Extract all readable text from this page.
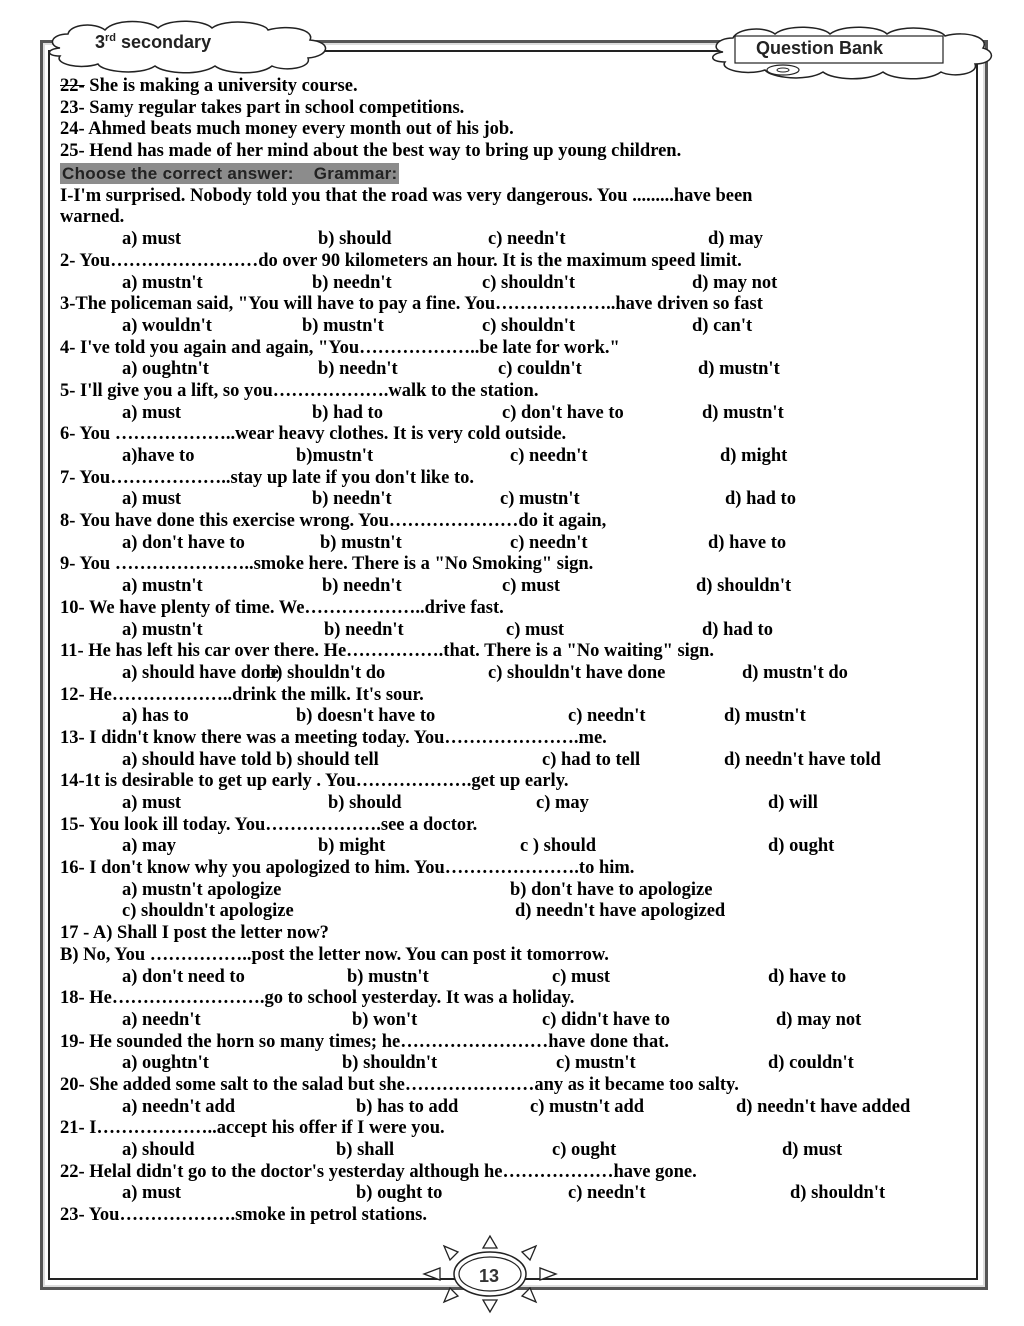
3rd secondary	Question Bank
22- She is making a university course.
23- Samy regular takes part in school competitions.
24- Ahmed beats much money every month out of his job.
25- Hend has made of her mind about the best way to bring up young children.
Choose the correct answer:    Grammar:
I-I'm surprised. Nobody told you that the road was very dangerous. You .........have been
warned.
a) must	b) should	c) needn't	d) may
2- You……………………do over 90 kilometers an hour. It is the maximum speed limit.
a) mustn't	b) needn't	c) shouldn't	d) may not
3-The policeman said, "You will have to pay a fine. You………………..have driven so fast
a) wouldn't	b) mustn't	c) shouldn't	d) can't
4- I've told you again and again, "You………………..be late for work."
a) oughtn't	b) needn't	c) couldn't	d) mustn't
5- I'll give you a lift, so you……………….walk to the station.
a) must	b) had to	c) don't have to	d) mustn't
6- You ………………..wear heavy clothes. It is very cold outside.
a)have to	b)mustn't	c) needn't	d) might
7- You………………..stay up late if you don't like to.
a) must	b) needn't	c) mustn't	d) had to
8- You have done this exercise wrong. You…………………do it again,
a) don't have to	b) mustn't	c) needn't	d) have to
9- You …………………..smoke here. There is a "No Smoking" sign.
a) mustn't	b) needn't	c) must	d) shouldn't
10- We have plenty of time. We………………..drive fast.
a) mustn't	b) needn't	c) must	d) had to
11- He has left his car over there. He…………….that. There is a "No waiting" sign.
a) should have done
b) shouldn't do	c) shouldn't have done	d) mustn't do
12- He………………..drink the milk. It's sour.
a) has to	b) doesn't have to	c) needn't	d) mustn't
13- I didn't know there was a meeting today. You………………….me.
a) should have told b) should tell	c) had to tell	d) needn't have told
14-1t is desirable to get up early . You……………….get up early.
a) must	b) should	c) may	d) will
15- You look ill today. You……………….see a doctor.
a) may	b) might	c ) should	d) ought
16- I don't know why you apologized to him. You………………….to him.
a) mustn't apologize	b) don't have to apologize
c) shouldn't apologize	d) needn't have apologized
17 - A) Shall I post the letter now?
B) No, You ……………..post the letter now. You can post it tomorrow.
a) don't need to	b) mustn't	c) must	d) have to
18- He…………………….go to school yesterday. It was a holiday.
a) needn't	b) won't	c) didn't have to	d) may not
19- He sounded the horn so many times; he……………………have done that.
a) oughtn't	b) shouldn't	c) mustn't	d) couldn't
20- She added some salt to the salad but she…………………any as it became too salty.
a) needn't add	b) has to add	c) mustn't add	d) needn't have added
21- I………………..accept his offer if I were you.
a) should	b) shall	c) ought	d) must
22- Helal didn't go to the doctor's yesterday although he………………have gone.
a) must	b) ought to	c) needn't	d) shouldn't
23- You……………….smoke in petrol stations.
13
